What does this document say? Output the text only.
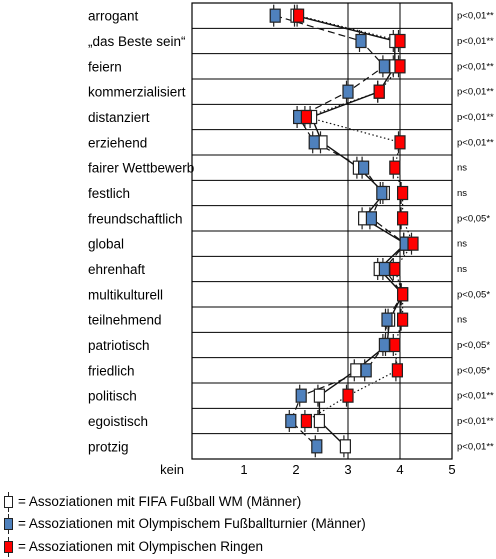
arrogant	p<0,01**
„das Beste sein“	p<0,01**
feiern	p<0,01**
kommerzialisiert	p<0,01**
distanziert	p<0,01**
erziehend	p<0,01**
fairer Wettbewerb	ns
festlich	ns
freundschaftlich	p<0,05*
global	ns
ehrenhaft	ns
multikulturell	p<0,05*
teilnehmend	ns
patriotisch	p<0,05*
friedlich	p<0,05*
politisch	p<0,01**
egoistisch	p<0,01**
protzig	p<0,01**
kein	1	2	3	4	5
= Assoziationen mit FIFA Fußball WM (Männer)
= Assoziationen mit Olympischem Fußballturnier (Männer)
= Assoziationen mit Olympischen Ringen
